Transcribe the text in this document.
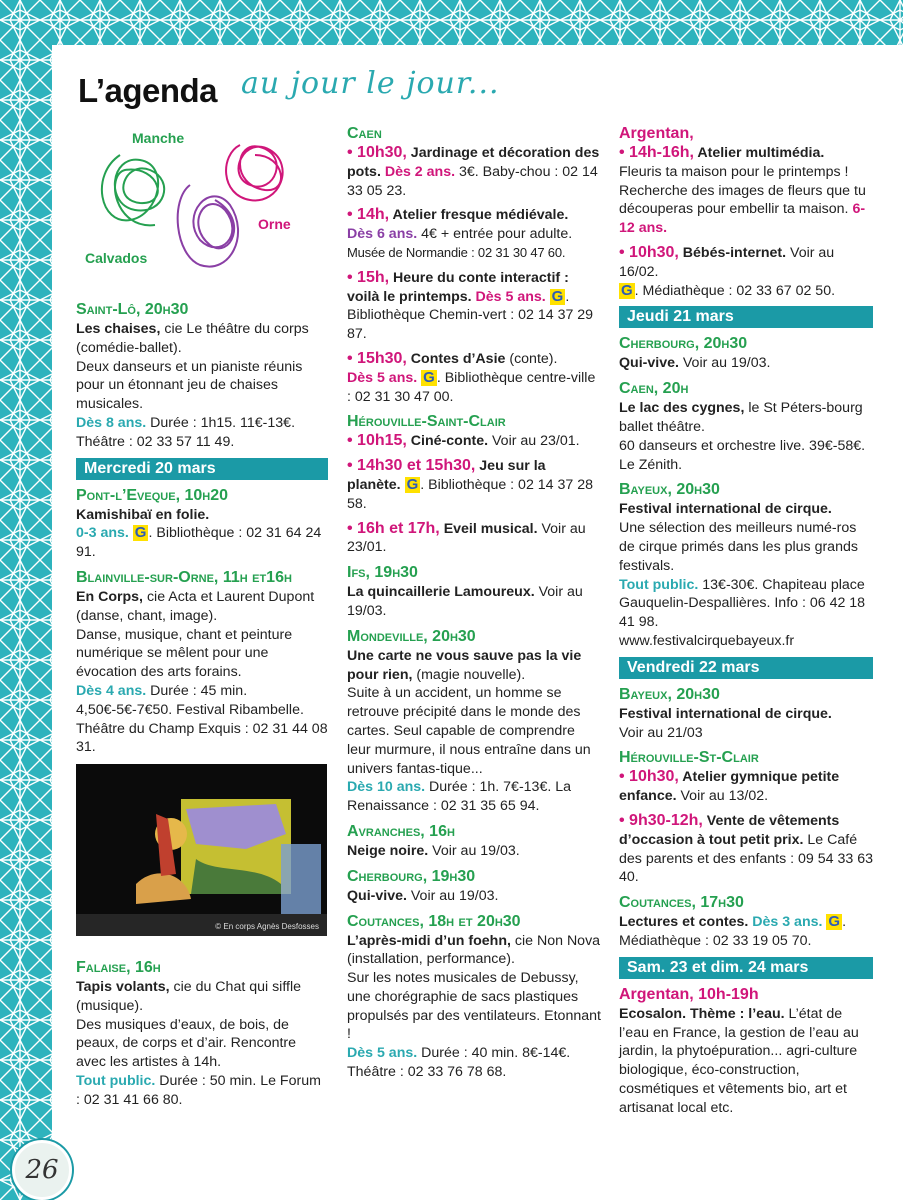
L’agenda au jour le jour...
Manche
Orne
Calvados
Saint-Lô, 20h30
Les chaises, cie Le théâtre du corps (comédie-ballet).
Deux danseurs et un pianiste réunis pour un étonnant jeu de chaises musicales.
Dès 8 ans. Durée : 1h15. 11€-13€. Théâtre : 02 33 57 11 49.
Mercredi 20 mars
Pont-l’Eveque, 10h20
Kamishibaï en folie.
0-3 ans. G . Bibliothèque : 02 31 64 24 91.
Blainville-sur-Orne, 11h et16h
En Corps, cie Acta et Laurent Dupont (danse, chant, image).
Danse, musique, chant et peinture numérique se mêlent pour une évocation des arts forains.
Dès 4 ans. Durée : 45 min. 4,50€-5€-7€50. Festival Ribambelle. Théâtre du Champ Exquis : 02 31 44 08 31.
© En corps Agnès Desfosses
Falaise, 16h
Tapis volants, cie du Chat qui siffle (musique).
Des musiques d’eaux, de bois, de peaux, de corps et d’air. Rencontre avec les artistes à 14h.
Tout public. Durée : 50 min. Le Forum : 02 31 41 66 80.
Caen
• 10h30, Jardinage et décoration des pots. Dès 2 ans. 3€. Baby-chou : 02 14 33 05 23.
• 14h, Atelier fresque médiévale.
Dès 6 ans. 4€ + entrée pour adulte.
Musée de Normandie : 02 31 30 47 60.
• 15h, Heure du conte interactif : voilà le printemps. Dès 5 ans. G . Bibliothèque Chemin-vert : 02 14 37 29 87.
• 15h30, Contes d’Asie (conte).
Dès 5 ans. G . Bibliothèque centre-ville : 02 31 30 47 00.
Hérouville-Saint-Clair
• 10h15, Ciné-conte. Voir au 23/01.
• 14h30 et 15h30, Jeu sur la planète. G . Bibliothèque : 02 14 37 28 58.
• 16h et 17h, Eveil musical. Voir au 23/01.
Ifs, 19h30
La quincaillerie Lamoureux. Voir au 19/03.
Mondeville, 20h30
Une carte ne vous sauve pas la vie pour rien, (magie nouvelle).
Suite à un accident, un homme se retrouve précipité dans le monde des cartes. Seul capable de comprendre leur murmure, il nous entraîne dans un univers fantas-tique...
Dès 10 ans. Durée : 1h. 7€-13€. La Renaissance : 02 31 35 65 94.
Avranches, 16h
Neige noire. Voir au 19/03.
Cherbourg, 19h30
Qui-vive. Voir au 19/03.
Coutances, 18h et 20h30
L’après-midi d’un foehn, cie Non Nova (installation, performance).
Sur les notes musicales de Debussy, une chorégraphie de sacs plastiques propulsés par des ventilateurs. Etonnant !
Dès 5 ans. Durée : 40 min. 8€-14€. Théâtre : 02 33 76 78 68.
Argentan,
• 14h-16h, Atelier multimédia.
Fleuris ta maison pour le printemps ! Recherche des images de fleurs que tu découperas pour embellir ta maison. 6-12 ans.
• 10h30, Bébés-internet. Voir au 16/02.
G . Médiathèque : 02 33 67 02 50.
Jeudi 21 mars
Cherbourg, 20h30
Qui-vive. Voir au 19/03.
Caen, 20h
Le lac des cygnes, le St Péters-bourg ballet théâtre.
60 danseurs et orchestre live. 39€-58€. Le Zénith.
Bayeux, 20h30
Festival international de cirque.
Une sélection des meilleurs numé-ros de cirque primés dans les plus grands festivals.
Tout public. 13€-30€. Chapiteau place Gauquelin-Despallières. Info : 06 42 18 41 98.
www.festivalcirquebayeux.fr
Vendredi 22 mars
Bayeux, 20h30
Festival international de cirque.
Voir au 21/03
Hérouville-St-Clair
• 10h30, Atelier gymnique petite enfance. Voir au 13/02.
• 9h30-12h, Vente de vêtements d’occasion à tout petit prix. Le Café des parents et des enfants : 09 54 33 63 40.
Coutances, 17h30
Lectures et contes. Dès 3 ans. G . Médiathèque : 02 33 19 05 70.
Sam. 23 et dim. 24 mars
Argentan, 10h-19h
Ecosalon. Thème : l’eau. L’état de l’eau en France, la gestion de l’eau au jardin, la phytoépuration... agri-culture biologique, éco-construction, cosmétiques et vêtements bio, art et artisanat local etc.
26
